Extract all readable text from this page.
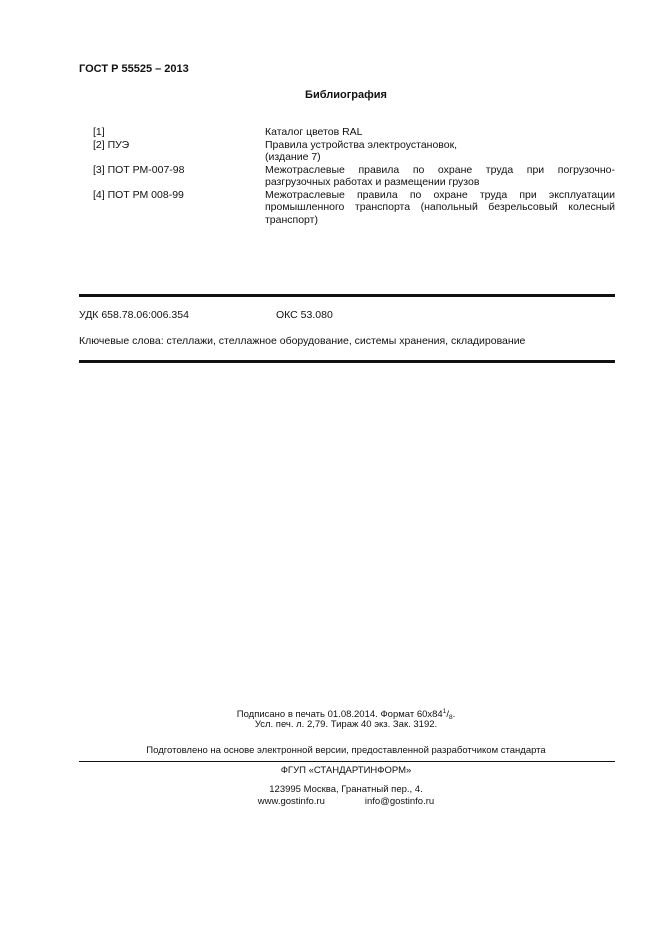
ГОСТ Р 55525 – 2013
Библиография
[1]	Каталог цветов RAL
[2] ПУЭ	Правила устройства электроустановок,
(издание 7)
[3] ПОТ РМ-007-98	Межотраслевые правила по охране труда при погрузочно-
разгрузочных работах и размещении грузов
[4] ПОТ РМ 008-99	Межотраслевые правила по охране труда при эксплуатации
промышленного транспорта (напольный безрельсовый колесный
транспорт)
УДК 658.78.06:006.354	ОКС 53.080
Ключевые слова: стеллажи, стеллажное оборудование, системы хранения, складирование
Подписано в печать 01.08.2014. Формат $60х84^1/_8$.
Усл. печ. л. 2,79. Тираж 40 экз. Зак. 3192.
Подготовлено на основе электронной версии, предоставленной разработчиком стандарта
ФГУП «СТАНДАРТИНФОРМ»
123995 Москва, Гранатный пер., 4.
www.gostinfo.ru	info@gostinfo.ru
